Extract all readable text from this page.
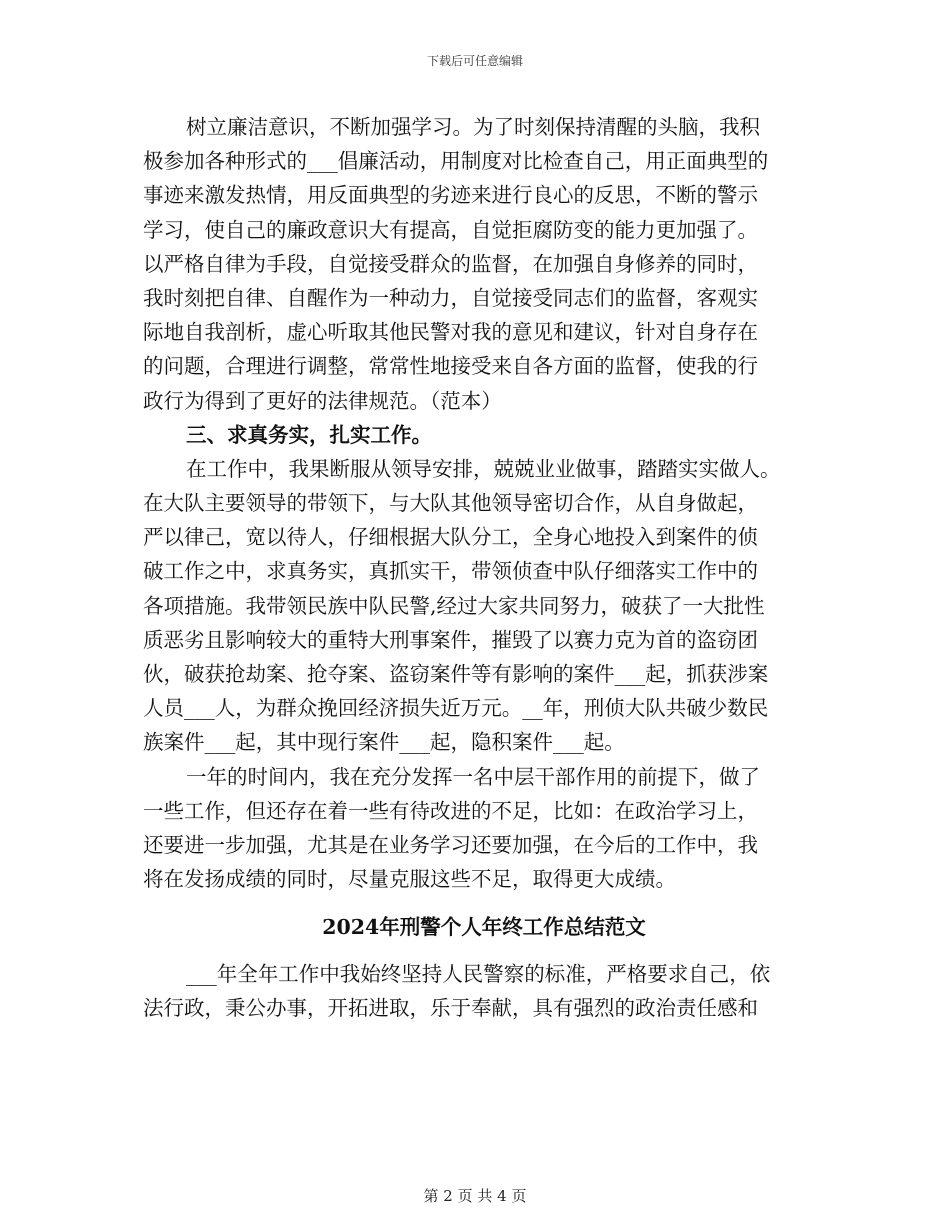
下载后可任意编辑
树立廉洁意识，不断加强学习。为了时刻保持清醒的头脑，我积
极参加各种形式的___倡廉活动，用制度对比检查自己，用正面典型的
事迹来激发热情，用反面典型的劣迹来进行良心的反思，不断的警示
学习，使自己的廉政意识大有提高，自觉拒腐防变的能力更加强了。
以严格自律为手段，自觉接受群众的监督，在加强自身修养的同时，
我时刻把自律、自醒作为一种动力，自觉接受同志们的监督，客观实
际地自我剖析，虚心听取其他民警对我的意见和建议，针对自身存在
的问题，合理进行调整，常常性地接受来自各方面的监督，使我的行
政行为得到了更好的法律规范。（范本）
三、求真务实，扎实工作。
在工作中，我果断服从领导安排，兢兢业业做事，踏踏实实做人。
在大队主要领导的带领下，与大队其他领导密切合作，从自身做起，
严以律己，宽以待人，仔细根据大队分工，全身心地投入到案件的侦
破工作之中，求真务实，真抓实干，带领侦查中队仔细落实工作中的
各项措施。我带领民族中队民警,经过大家共同努力，破获了一大批性
质恶劣且影响较大的重特大刑事案件，摧毁了以赛力克为首的盗窃团
伙，破获抢劫案、抢夺案、盗窃案件等有影响的案件___起，抓获涉案
人员___人，为群众挽回经济损失近万元。__年，刑侦大队共破少数民
族案件___起，其中现行案件___起，隐积案件___起。
一年的时间内，我在充分发挥一名中层干部作用的前提下，做了
一些工作，但还存在着一些有待改进的不足，比如：在政治学习上，
还要进一步加强，尤其是在业务学习还要加强，在今后的工作中，我
将在发扬成绩的同时，尽量克服这些不足，取得更大成绩。
2024年刑警个人年终工作总结范文
___年全年工作中我始终坚持人民警察的标准，严格要求自己，依
法行政，秉公办事，开拓进取，乐于奉献，具有强烈的政治责任感和
第 2 页 共 4 页
